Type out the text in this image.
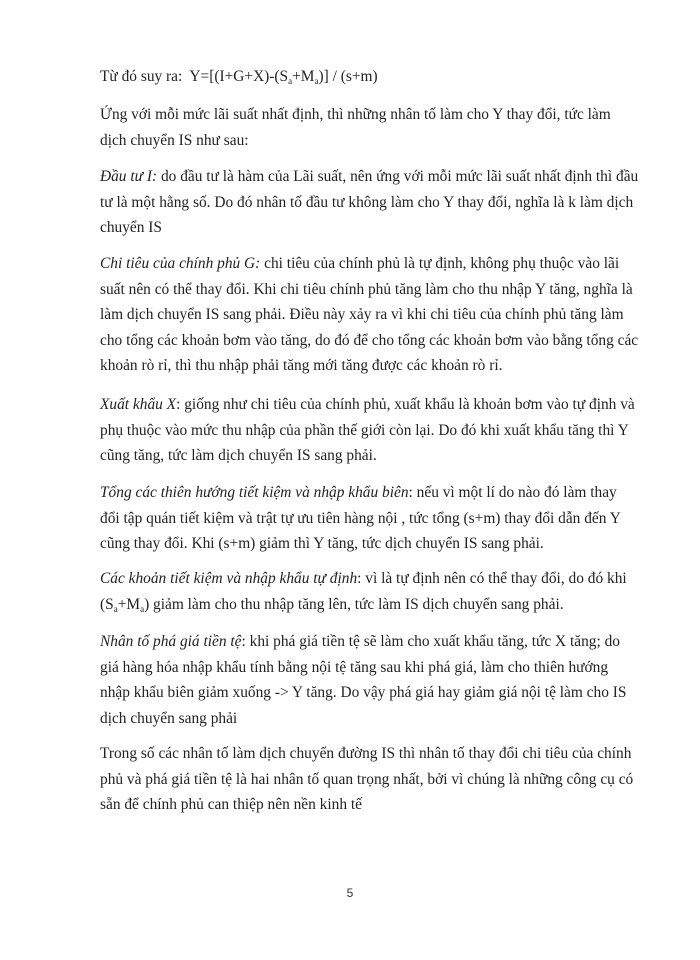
Từ đó suy ra: $Y=[(I+G+X)-(S_a+M_a)] / (s+m)$

Ứng với mỗi mức lãi suất nhất định, thì những nhân tố làm cho Y thay đổi, tức làm dịch chuyển IS như sau:

Đầu tư I: do đầu tư là hàm của Lãi suất, nên ứng với mỗi mức lãi suất nhất định thì đầu tư là một hằng số. Do đó nhân tố đầu tư không làm cho Y thay đổi, nghĩa là k làm dịch chuyển IS

Chi tiêu của chính phủ G: chi tiêu của chính phủ là tự định, không phụ thuộc vào lãi suất nên có thể thay đổi. Khi chi tiêu chính phủ tăng làm cho thu nhập Y tăng, nghĩa là làm dịch chuyển IS sang phải. Điều này xảy ra vì khi chi tiêu của chính phủ tăng làm cho tổng các khoản bơm vào tăng, do đó để cho tổng các khoản bơm vào bằng tổng các khoản rò rỉ, thì thu nhập phải tăng mới tăng được các khoản rò rỉ.

Xuất khẩu X: giống như chi tiêu của chính phủ, xuất khẩu là khoản bơm vào tự định và phụ thuộc vào mức thu nhập của phần thế giới còn lại. Do đó khi xuất khẩu tăng thì Y cũng tăng, tức làm dịch chuyển IS sang phải.

Tổng các thiên hướng tiết kiệm và nhập khẩu biên: nếu vì một lí do nào đó làm thay đổi tập quán tiết kiệm và trật tự ưu tiên hàng nội , tức tổng (s+m) thay đổi dẫn đến Y cũng thay đổi. Khi (s+m) giảm thì Y tăng, tức dịch chuyển IS sang phải.

Các khoản tiết kiệm và nhập khẩu tự định: vì là tự định nên có thể thay đổi, do đó khi $(S_a+M_a)$ giảm làm cho thu nhập tăng lên, tức làm IS dịch chuyển sang phải.

Nhân tố phá giá tiền tệ: khi phá giá tiền tệ sẽ làm cho xuất khẩu tăng, tức X tăng; do giá hàng hóa nhập khẩu tính bằng nội tệ tăng sau khi phá giá, làm cho thiên hướng nhập khẩu biên giảm xuống -> Y tăng. Do vậy phá giá hay giảm giá nội tệ làm cho IS dịch chuyển sang phải

Trong số các nhân tố làm dịch chuyển đường IS thì nhân tố thay đổi chi tiêu của chính phủ và phá giá tiền tệ là hai nhân tố quan trọng nhất, bởi vì chúng là những công cụ có sẵn để chính phủ can thiệp nên nền kinh tế

5
